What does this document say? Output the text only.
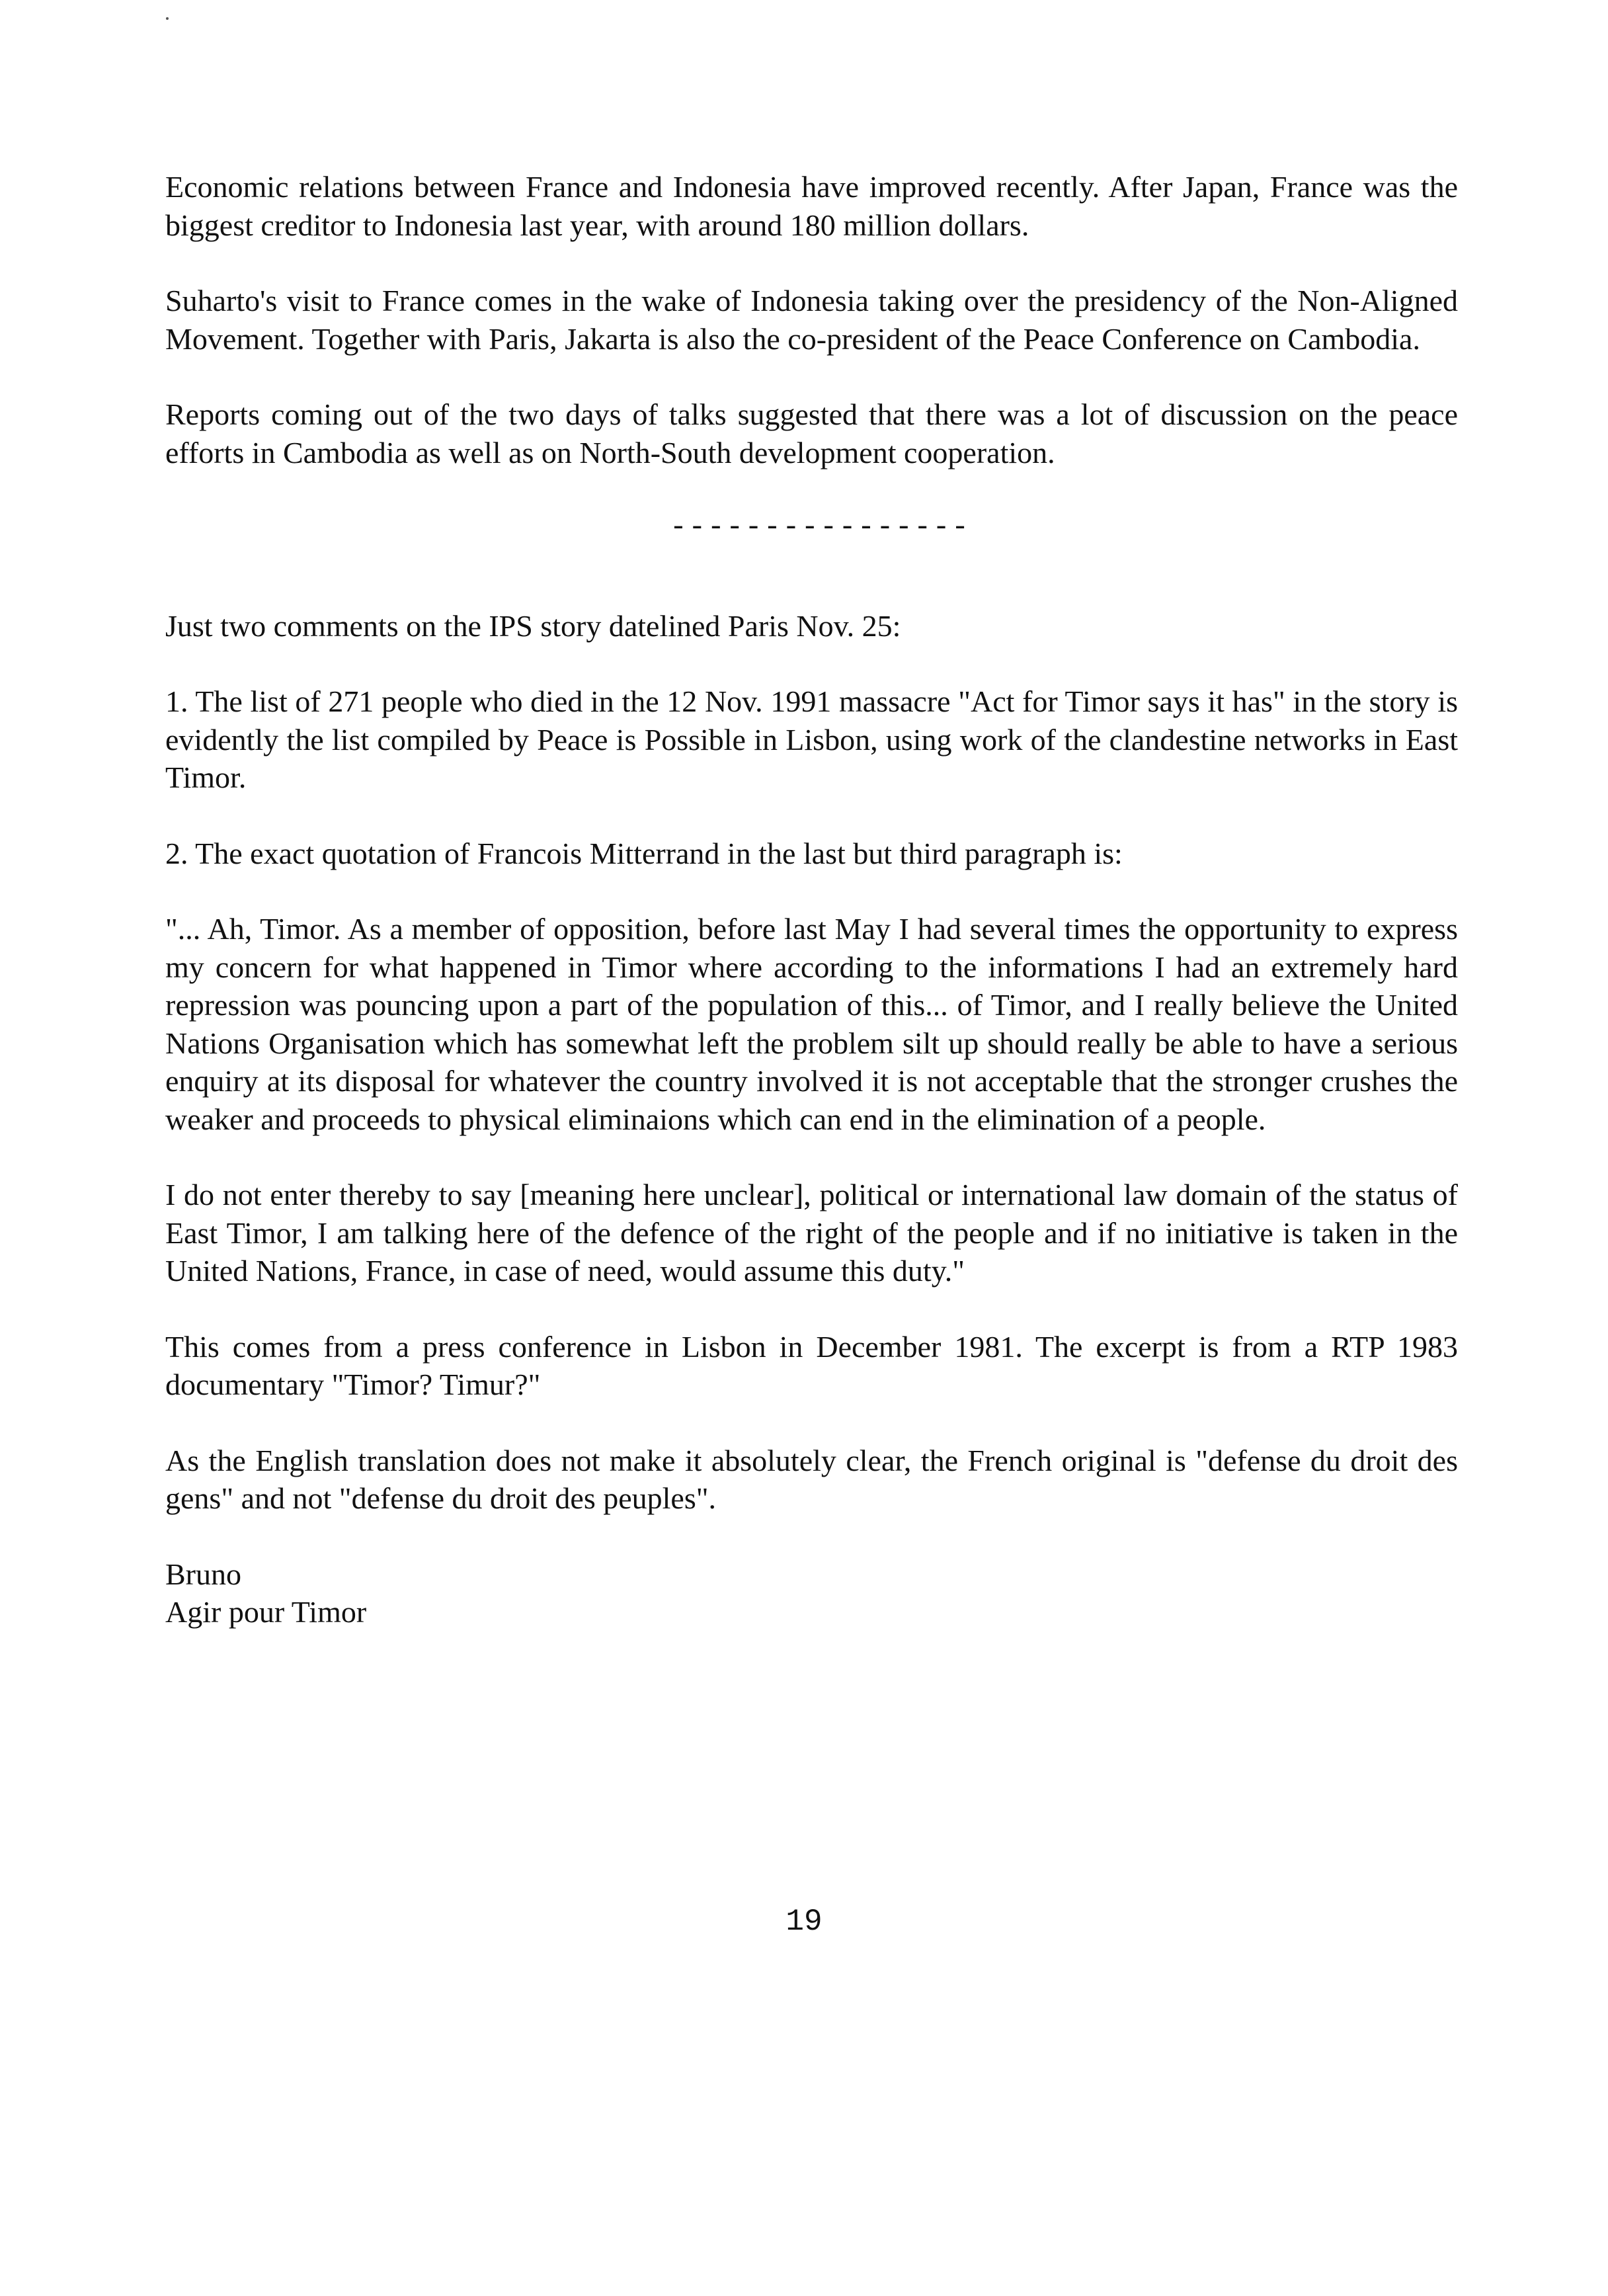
Economic relations between France and Indonesia have improved recently. After Japan, France was the biggest creditor to Indonesia last year, with around 180 million dollars.

Suharto's visit to France comes in the wake of Indonesia taking over the presidency of the Non-Aligned Movement. Together with Paris, Jakarta is also the co-president of the Peace Conference on Cambodia.

Reports coming out of the two days of talks suggested that there was a lot of discussion on the peace efforts in Cambodia as well as on North-South development cooperation.

----------------

Just two comments on the IPS story datelined Paris Nov. 25:

1. The list of 271 people who died in the 12 Nov. 1991 massacre "Act for Timor says it has" in the story is evidently the list compiled by Peace is Possible in Lisbon, using work of the clandestine networks in East Timor.

2. The exact quotation of Francois Mitterrand in the last but third paragraph is:

"... Ah, Timor. As a member of opposition, before last May I had several times the opportunity to express my concern for what happened in Timor where according to the informations I had an extremely hard repression was pouncing upon a part of the population of this... of Timor, and I really believe the United Nations Organisation which has somewhat left the problem silt up should really be able to have a serious enquiry at its disposal for whatever the country involved it is not acceptable that the stronger crushes the weaker and proceeds to physical eliminaions which can end in the elimination of a people.

I do not enter thereby to say [meaning here unclear], political or international law domain of the status of East Timor, I am talking here of the defence of the right of the people and if no initiative is taken in the United Nations, France, in case of need, would assume this duty."

This comes from a press conference in Lisbon in December 1981. The excerpt is from a RTP 1983 documentary "Timor? Timur?"

As the English translation does not make it absolutely clear, the French original is "defense du droit des gens" and not "defense du droit des peuples".

Bruno

Agir pour Timor

19
